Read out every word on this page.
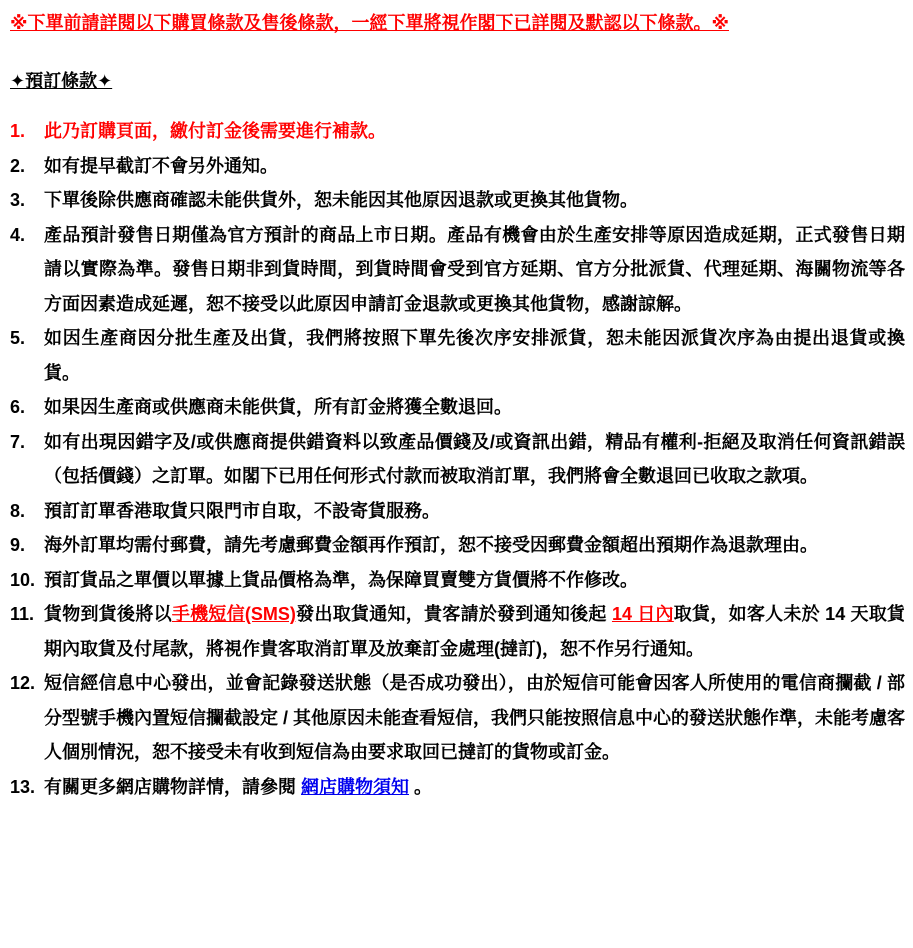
※下單前請詳閱以下購買條款及售後條款，一經下單將視作閣下已詳閱及默認以下條款。※
✦預訂條款✦
1.	此乃訂購頁面，繳付訂金後需要進行補款。
2.	如有提早截訂不會另外通知。
3.	下單後除供應商確認未能供貨外，恕未能因其他原因退款或更換其他貨物。
4.	產品預計發售日期僅為官方預計的商品上市日期。產品有機會由於生產安排等原因造成延期，正式發售日期請以實際為準。發售日期非到貨時間，到貨時間會受到官方延期、官方分批派貨、代理延期、海關物流等各方面因素造成延遲，恕不接受以此原因申請訂金退款或更換其他貨物，感謝諒解。
5.	如因生產商因分批生產及出貨，我們將按照下單先後次序安排派貨，恕未能因派貨次序為由提出退貨或換貨。
6.	如果因生產商或供應商未能供貨，所有訂金將獲全數退回。
7.	如有出現因錯字及/或供應商提供錯資料以致產品價錢及/或資訊出錯，精品有權利-拒絕及取消任何資訊錯誤（包括價錢）之訂單。如閣下已用任何形式付款而被取消訂單，我們將會全數退回已收取之款項。
8.	預訂訂單香港取貨只限門市自取，不設寄貨服務。
9.	海外訂單均需付郵費，請先考慮郵費金額再作預訂，恕不接受因郵費金額超出預期作為退款理由。
10. 預訂貨品之單價以單據上貨品價格為準，為保障買賣雙方貨價將不作修改。
11. 貨物到貨後將以手機短信(SMS)發出取貨通知，貴客請於發到通知後起 14 日內取貨，如客人未於 14 天取貨期內取貨及付尾款，將視作貴客取消訂單及放棄訂金處理(撻訂)，恕不作另行通知。
12. 短信經信息中心發出，並會記錄發送狀態（是否成功發出），由於短信可能會因客人所使用的電信商攔截 / 部分型號手機內置短信攔截設定 / 其他原因未能查看短信，我們只能按照信息中心的發送狀態作準，未能考慮客人個別情況，恕不接受未有收到短信為由要求取回已撻訂的貨物或訂金。
13. 有關更多網店購物詳情，請參閱 網店購物須知 。
